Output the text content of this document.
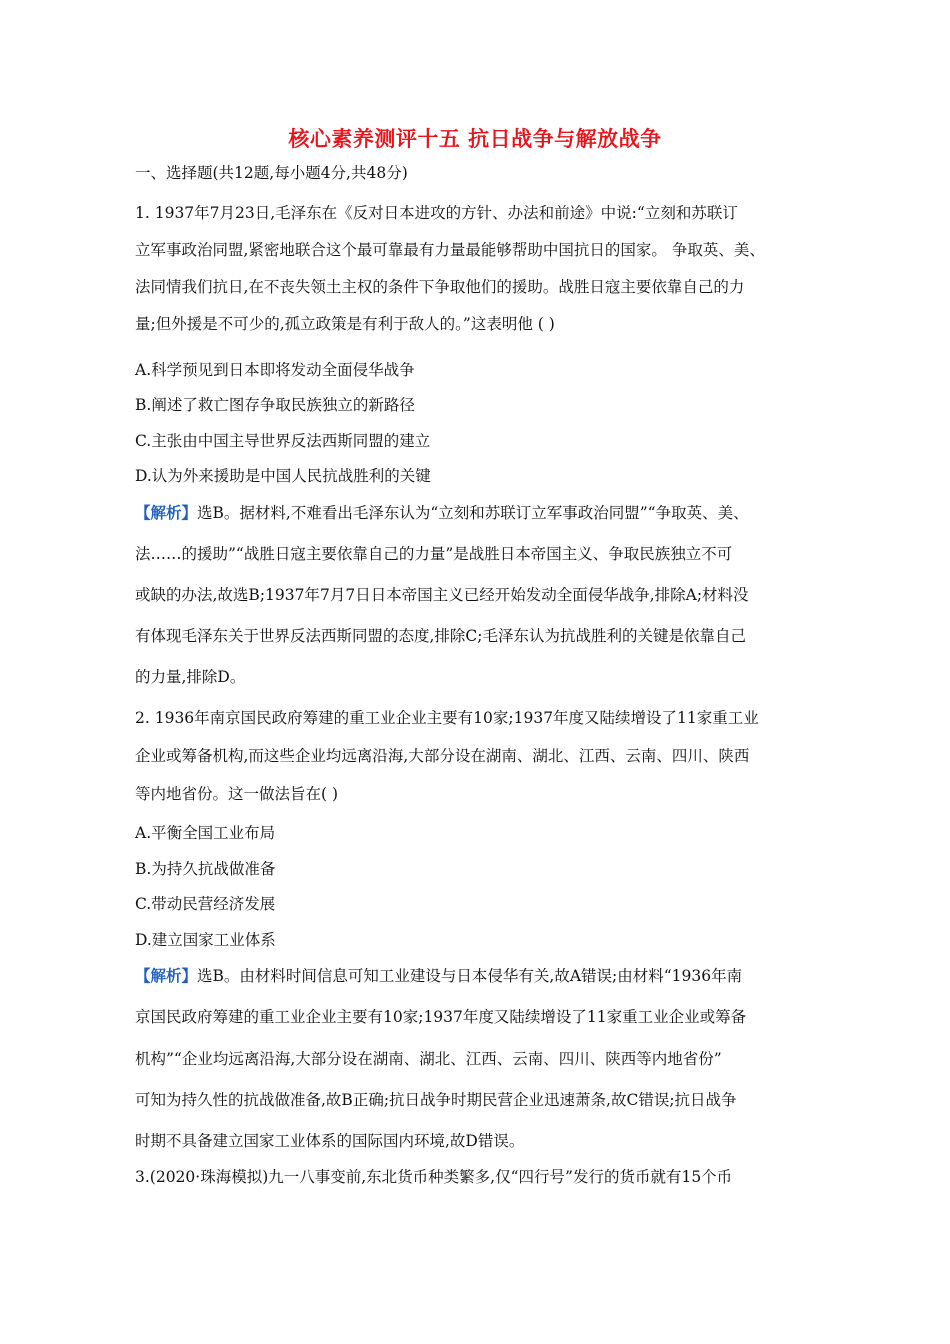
核心素养测评十五 抗日战争与解放战争
一、选择题(共12题,每小题4分,共48分)
1. 1937年7月23日,毛泽东在《反对日本进攻的方针、办法和前途》中说:“立刻和苏联订
立军事政治同盟,紧密地联合这个最可靠最有力量最能够帮助中国抗日的国家。 争取英、美、
法同情我们抗日,在不丧失领土主权的条件下争取他们的援助。战胜日寇主要依靠自己的力
量;但外援是不可少的,孤立政策是有利于敌人的。”这表明他 ( )
A.科学预见到日本即将发动全面侵华战争
B.阐述了救亡图存争取民族独立的新路径
C.主张由中国主导世界反法西斯同盟的建立
D.认为外来援助是中国人民抗战胜利的关键
【解析】选B。据材料,不难看出毛泽东认为“立刻和苏联订立军事政治同盟”“争取英、美、
法……的援助”“战胜日寇主要依靠自己的力量”是战胜日本帝国主义、争取民族独立不可
或缺的办法,故选B;1937年7月7日日本帝国主义已经开始发动全面侵华战争,排除A;材料没
有体现毛泽东关于世界反法西斯同盟的态度,排除C;毛泽东认为抗战胜利的关键是依靠自己
的力量,排除D。
2. 1936年南京国民政府筹建的重工业企业主要有10家;1937年度又陆续增设了11家重工业
企业或筹备机构,而这些企业均远离沿海,大部分设在湖南、湖北、江西、云南、四川、陕西
等内地省份。这一做法旨在( )
A.平衡全国工业布局
B.为持久抗战做准备
C.带动民营经济发展
D.建立国家工业体系
【解析】选B。由材料时间信息可知工业建设与日本侵华有关,故A错误;由材料“1936年南
京国民政府筹建的重工业企业主要有10家;1937年度又陆续增设了11家重工业企业或筹备
机构”“企业均远离沿海,大部分设在湖南、湖北、江西、云南、四川、陕西等内地省份”
可知为持久性的抗战做准备,故B正确;抗日战争时期民营企业迅速萧条,故C错误;抗日战争
时期不具备建立国家工业体系的国际国内环境,故D错误。
3.(2020·珠海模拟)九一八事变前,东北货币种类繁多,仅“四行号”发行的货币就有15个币
